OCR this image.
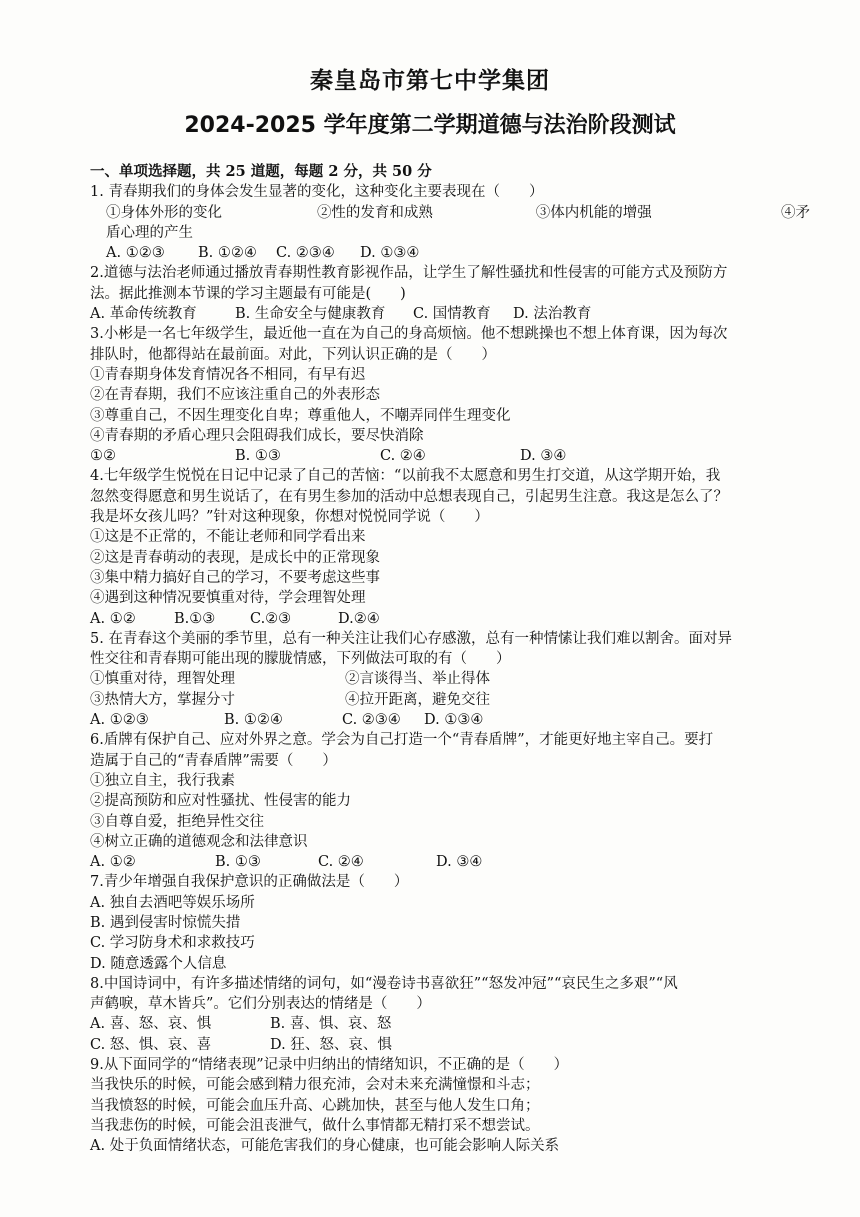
秦皇岛市第七中学集团
2024-2025 学年度第二学期道德与法治阶段测试
一、单项选择题，共 25 道题，每题 2 分，共 50 分
1. 青春期我们的身体会发生显著的变化，这种变化主要表现在（　　）
①身体外形的变化	②性的发育和成熟	③体内机能的增强	④矛
盾心理的产生
A. ①②③	B. ①②④	C. ②③④	D. ①③④
2.道德与法治老师通过播放青春期性教育影视作品，让学生了解性骚扰和性侵害的可能方式及预防方
法。据此推测本节课的学习主题最有可能是(　　)
A. 革命传统教育	B. 生命安全与健康教育	C. 国情教育	D. 法治教育
3.小彬是一名七年级学生，最近他一直在为自己的身高烦恼。他不想跳操也不想上体育课，因为每次
排队时，他都得站在最前面。对此，下列认识正确的是（　　）
①青春期身体发育情况各不相同，有早有迟
②在青春期，我们不应该注重自己的外表形态
③尊重自己，不因生理变化自卑；尊重他人，不嘲弄同伴生理变化
④青春期的矛盾心理只会阻碍我们成长，要尽快消除
①②	B. ①③	C. ②④	D. ③④
4.七年级学生悦悦在日记中记录了自己的苦恼：“以前我不太愿意和男生打交道，从这学期开始，我
忽然变得愿意和男生说话了，在有男生参加的活动中总想表现自己，引起男生注意。我这是怎么了？
我是坏女孩儿吗？”针对这种现象，你想对悦悦同学说（　　）
①这是不正常的，不能让老师和同学看出来
②这是青春萌动的表现，是成长中的正常现象
③集中精力搞好自己的学习，不要考虑这些事
④遇到这种情况要慎重对待，学会理智处理
A. ①②	B.①③	C.②③	D.②④
5. 在青春这个美丽的季节里，总有一种关注让我们心存感激，总有一种情愫让我们难以割舍。面对异
性交往和青春期可能出现的朦胧情感，下列做法可取的有（　　）
①慎重对待，理智处理	②言谈得当、举止得体
③热情大方，掌握分寸	④拉开距离，避免交往
A. ①②③	B. ①②④	C. ②③④	D. ①③④
6.盾牌有保护自己、应对外界之意。学会为自己打造一个“青春盾牌”，才能更好地主宰自己。要打
造属于自己的“青春盾牌”需要（　　）
①独立自主，我行我素
②提高预防和应对性骚扰、性侵害的能力
③自尊自爱，拒绝异性交往
④树立正确的道德观念和法律意识
A. ①②	B. ①③	C. ②④	D. ③④
7.青少年增强自我保护意识的正确做法是（　　）
A. 独自去酒吧等娱乐场所
B. 遇到侵害时惊慌失措
C. 学习防身术和求救技巧
D. 随意透露个人信息
8.中国诗词中，有许多描述情绪的词句，如“漫卷诗书喜欲狂”“怒发冲冠”“哀民生之多艰”“风
声鹤唳，草木皆兵”。它们分别表达的情绪是（　　）
A. 喜、怒、哀、惧	B. 喜、惧、哀、怒
C. 怒、惧、哀、喜	D. 狂、怒、哀、惧
9.从下面同学的“情绪表现”记录中归纳出的情绪知识，不正确的是（　　）
当我快乐的时候，可能会感到精力很充沛，会对未来充满憧憬和斗志；
当我愤怒的时候，可能会血压升高、心跳加快，甚至与他人发生口角；
当我悲伤的时候，可能会沮丧泄气，做什么事情都无精打采不想尝试。
A. 处于负面情绪状态，可能危害我们的身心健康，也可能会影响人际关系
